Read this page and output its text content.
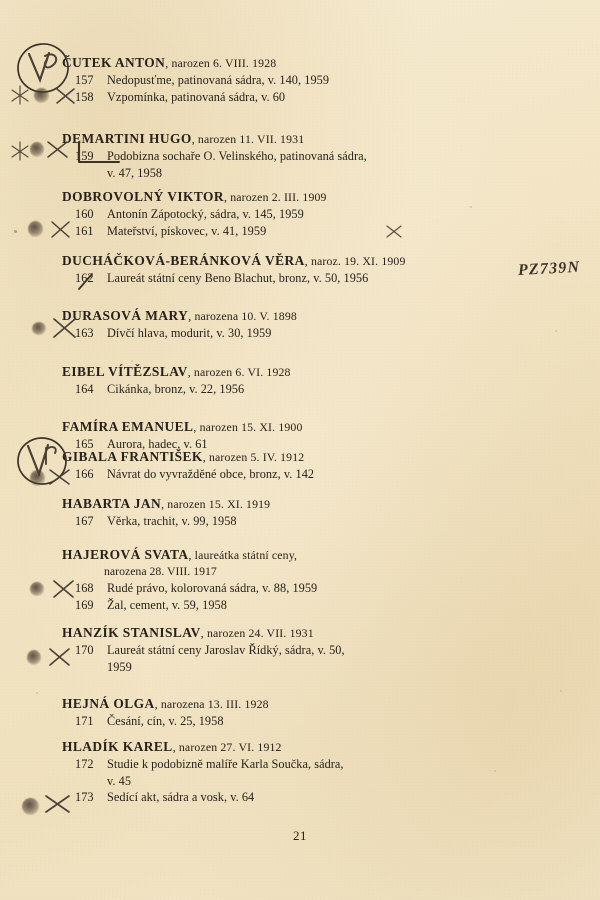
ČUTEK ANTON, narozen 6. VIII. 1928
157	Nedopusťme, patinovaná sádra, v. 140, 1959
158	Vzpomínka, patinovaná sádra, v. 60
DEMARTINI HUGO, narozen 11. VII. 1931
159	Podobizna sochaře O. Velinského, patinovaná sádra,
v. 47, 1958
DOBROVOLNÝ VIKTOR, narozen 2. III. 1909
160	Antonín Zápotocký, sádra, v. 145, 1959
161	Mateřství, pískovec, v. 41, 1959
DUCHÁČKOVÁ-BERÁNKOVÁ VĚRA, naroz. 19. XI. 1909
162	Laureát státní ceny Beno Blachut, bronz, v. 50, 1956
DURASOVÁ MARY, narozena 10. V. 1898
163	Dívčí hlava, modurit, v. 30, 1959
EIBEL VÍTĚZSLAV, narozen 6. VI. 1928
164	Cikánka, bronz, v. 22, 1956
FAMÍRA EMANUEL, narozen 15. XI. 1900
165	Aurora, hadec, v. 61
GIBALA FRANTIŠEK, narozen 5. IV. 1912
166	Návrat do vyvražděné obce, bronz, v. 142
HABARTA JAN, narozen 15. XI. 1919
167	Věrka, trachit, v. 99, 1958
HAJEROVÁ SVATA, laureátka státní ceny,
narozena 28. VIII. 1917
168	Rudé právo, kolorovaná sádra, v. 88, 1959
169	Žal, cement, v. 59, 1958
HANZÍK STANISLAV, narozen 24. VII. 1931
170	Laureát státní ceny Jaroslav Řídký, sádra, v. 50,
1959
HEJNÁ OLGA, narozena 13. III. 1928
171	Česání, cín, v. 25, 1958
HLADÍK KAREL, narozen 27. VI. 1912
172	Studie k podobizně malíře Karla Součka, sádra,
v. 45
173	Sedící akt, sádra a vosk, v. 64
21
PZ739N
